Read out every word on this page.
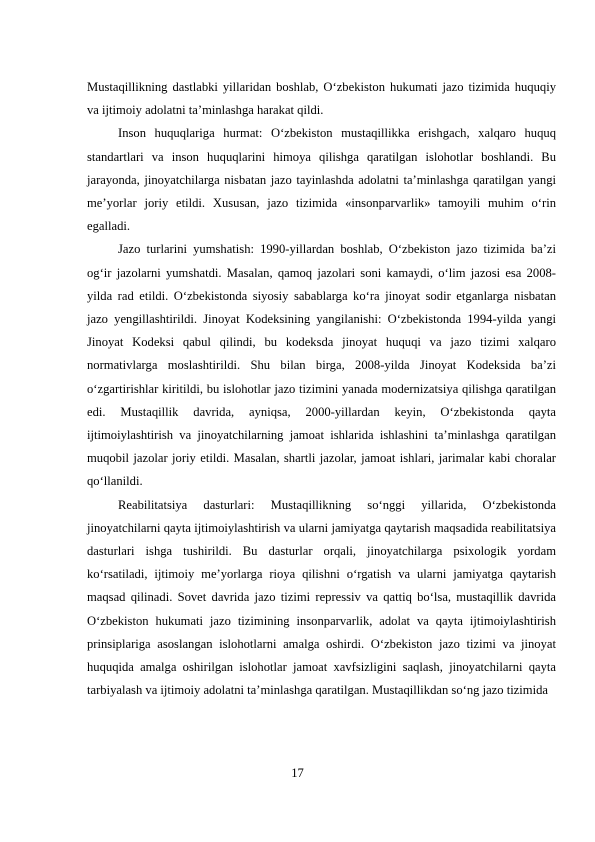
Mustaqillikning dastlabki yillaridan boshlab, O‘zbekiston hukumati jazo tizimida huquqiy va ijtimoiy adolatni ta’minlashga harakat qildi.

Inson huquqlariga hurmat: O‘zbekiston mustaqillikka erishgach, xalqaro huquq standartlari va inson huquqlarini himoya qilishga qaratilgan islohotlar boshlandi. Bu jarayonda, jinoyatchilarga nisbatan jazo tayinlashda adolatni ta’minlashga qaratilgan yangi me’yorlar joriy etildi. Xususan, jazo tizimida «insonparvarlik» tamoyili muhim o‘rin egalladi.

Jazo turlarini yumshatish: 1990-yillardan boshlab, O‘zbekiston jazo tizimida ba’zi og‘ir jazolarni yumshatdi. Masalan, qamoq jazolari soni kamaydi, o‘lim jazosi esa 2008-yilda rad etildi. O‘zbekistonda siyosiy sabablarga ko‘ra jinoyat sodir etganlarga nisbatan jazo yengillashtirildi. Jinoyat Kodeksining yangilanishi: O‘zbekistonda 1994-yilda yangi Jinoyat Kodeksi qabul qilindi, bu kodeksda jinoyat huquqi va jazo tizimi xalqaro normativlarga moslashtirildi. Shu bilan birga, 2008-yilda Jinoyat Kodeksida ba’zi o‘zgartirishlar kiritildi, bu islohotlar jazo tizimini yanada modernizatsiya qilishga qaratilgan edi. Mustaqillik davrida, ayniqsa, 2000-yillardan keyin, O‘zbekistonda qayta ijtimoiylashtirish va jinoyatchilarning jamoat ishlarida ishlashini ta’minlashga qaratilgan muqobil jazolar joriy etildi. Masalan, shartli jazolar, jamoat ishlari, jarimalar kabi choralar qo‘llanildi.

Reabilitatsiya dasturlari: Mustaqillikning so‘nggi yillarida, O‘zbekistonda jinoyatchilarni qayta ijtimoiylashtirish va ularni jamiyatga qaytarish maqsadida reabilitatsiya dasturlari ishga tushirildi. Bu dasturlar orqali, jinoyatchilarga psixologik yordam ko‘rsatiladi, ijtimoiy me’yorlarga rioya qilishni o‘rgatish va ularni jamiyatga qaytarish maqsad qilinadi. Sovet davrida jazo tizimi repressiv va qattiq bo‘lsa, mustaqillik davrida O‘zbekiston hukumati jazo tizimining insonparvarlik, adolat va qayta ijtimoiylashtirish prinsiplariga asoslangan islohotlarni amalga oshirdi. O‘zbekiston jazo tizimi va jinoyat huquqida amalga oshirilgan islohotlar jamoat xavfsizligini saqlash, jinoyatchilarni qayta tarbiyalash va ijtimoiy adolatni ta’minlashga qaratilgan. Mustaqillikdan so‘ng jazo tizimida

17
